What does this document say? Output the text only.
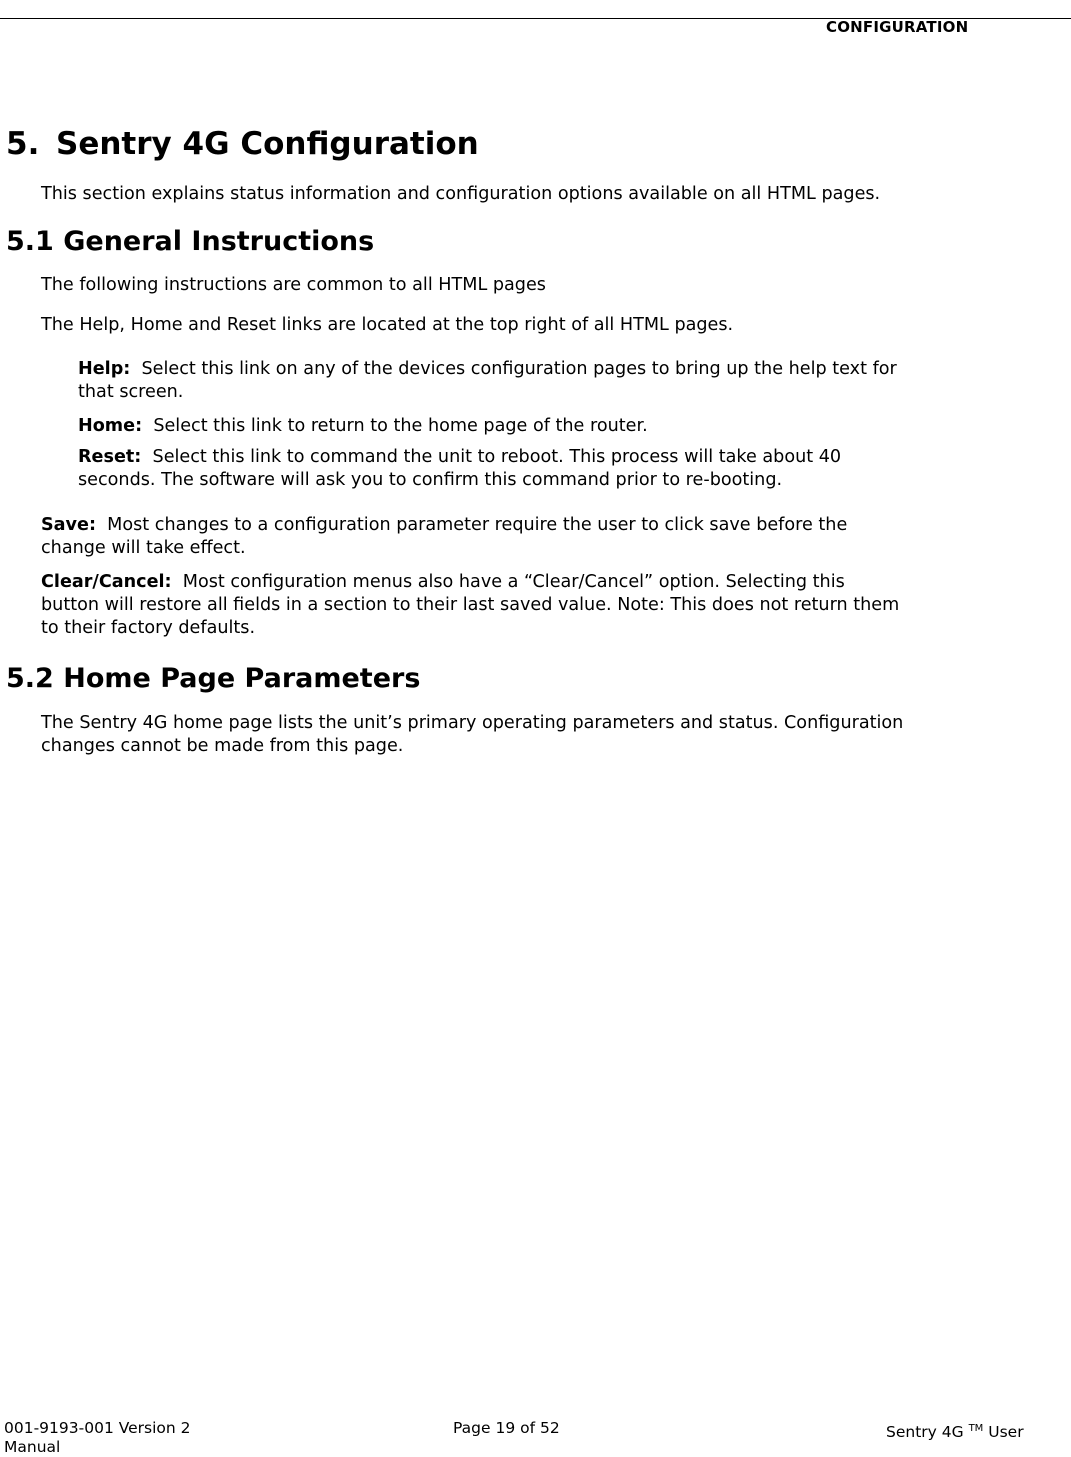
CONFIGURATION
5. Sentry 4G Configuration
This section explains status information and configuration options available on all HTML pages.
5.1 General Instructions
The following instructions are common to all HTML pages
The Help, Home and Reset links are located at the top right of all HTML pages.
Help: Select this link on any of the devices configuration pages to bring up the help text for
that screen.
Home: Select this link to return to the home page of the router.
Reset: Select this link to command the unit to reboot. This process will take about 40
seconds. The software will ask you to confirm this command prior to re-booting.
Save: Most changes to a configuration parameter require the user to click save before the
change will take effect.
Clear/Cancel: Most configuration menus also have a “Clear/Cancel” option. Selecting this
button will restore all fields in a section to their last saved value. Note: This does not return them
to their factory defaults.
5.2 Home Page Parameters
The Sentry 4G home page lists the unit’s primary operating parameters and status. Configuration
changes cannot be made from this page.
001-9193-001 Version 2
Manual
Page 19 of 52	Sentry 4G ™ User
